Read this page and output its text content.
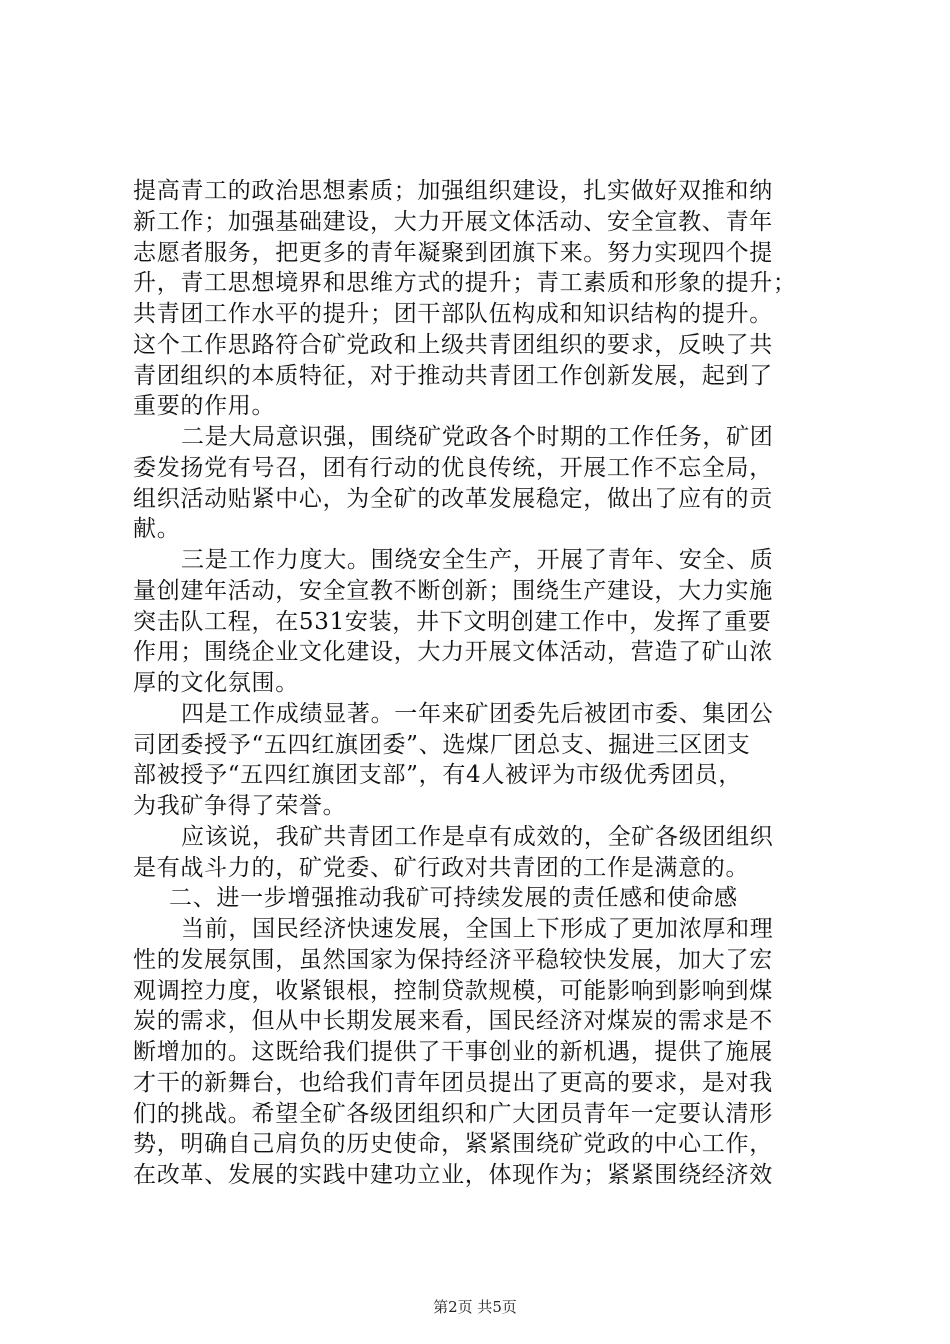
提高青工的政治思想素质；加强组织建设，扎实做好双推和纳
新工作；加强基础建设，大力开展文体活动、安全宣教、青年
志愿者服务，把更多的青年凝聚到团旗下来。努力实现四个提
升，青工思想境界和思维方式的提升；青工素质和形象的提升；
共青团工作水平的提升；团干部队伍构成和知识结构的提升。
这个工作思路符合矿党政和上级共青团组织的要求，反映了共
青团组织的本质特征，对于推动共青团工作创新发展，起到了
重要的作用。
二是大局意识强，围绕矿党政各个时期的工作任务，矿团
委发扬党有号召，团有行动的优良传统，开展工作不忘全局，
组织活动贴紧中心，为全矿的改革发展稳定，做出了应有的贡
献。
三是工作力度大。围绕安全生产，开展了青年、安全、质
量创建年活动，安全宣教不断创新；围绕生产建设，大力实施
突击队工程，在531安装，井下文明创建工作中，发挥了重要
作用；围绕企业文化建设，大力开展文体活动，营造了矿山浓
厚的文化氛围。
四是工作成绩显著。一年来矿团委先后被团市委、集团公
司团委授予“五四红旗团委”、选煤厂团总支、掘进三区团支
部被授予“五四红旗团支部”，有4人被评为市级优秀团员，
为我矿争得了荣誉。
应该说，我矿共青团工作是卓有成效的，全矿各级团组织
是有战斗力的，矿党委、矿行政对共青团的工作是满意的。
二、进一步增强推动我矿可持续发展的责任感和使命感
当前，国民经济快速发展，全国上下形成了更加浓厚和理
性的发展氛围，虽然国家为保持经济平稳较快发展，加大了宏
观调控力度，收紧银根，控制贷款规模，可能影响到影响到煤
炭的需求，但从中长期发展来看，国民经济对煤炭的需求是不
断增加的。这既给我们提供了干事创业的新机遇，提供了施展
才干的新舞台，也给我们青年团员提出了更高的要求，是对我
们的挑战。希望全矿各级团组织和广大团员青年一定要认清形
势，明确自己肩负的历史使命，紧紧围绕矿党政的中心工作，
在改革、发展的实践中建功立业，体现作为；紧紧围绕经济效
第2页 共5页
